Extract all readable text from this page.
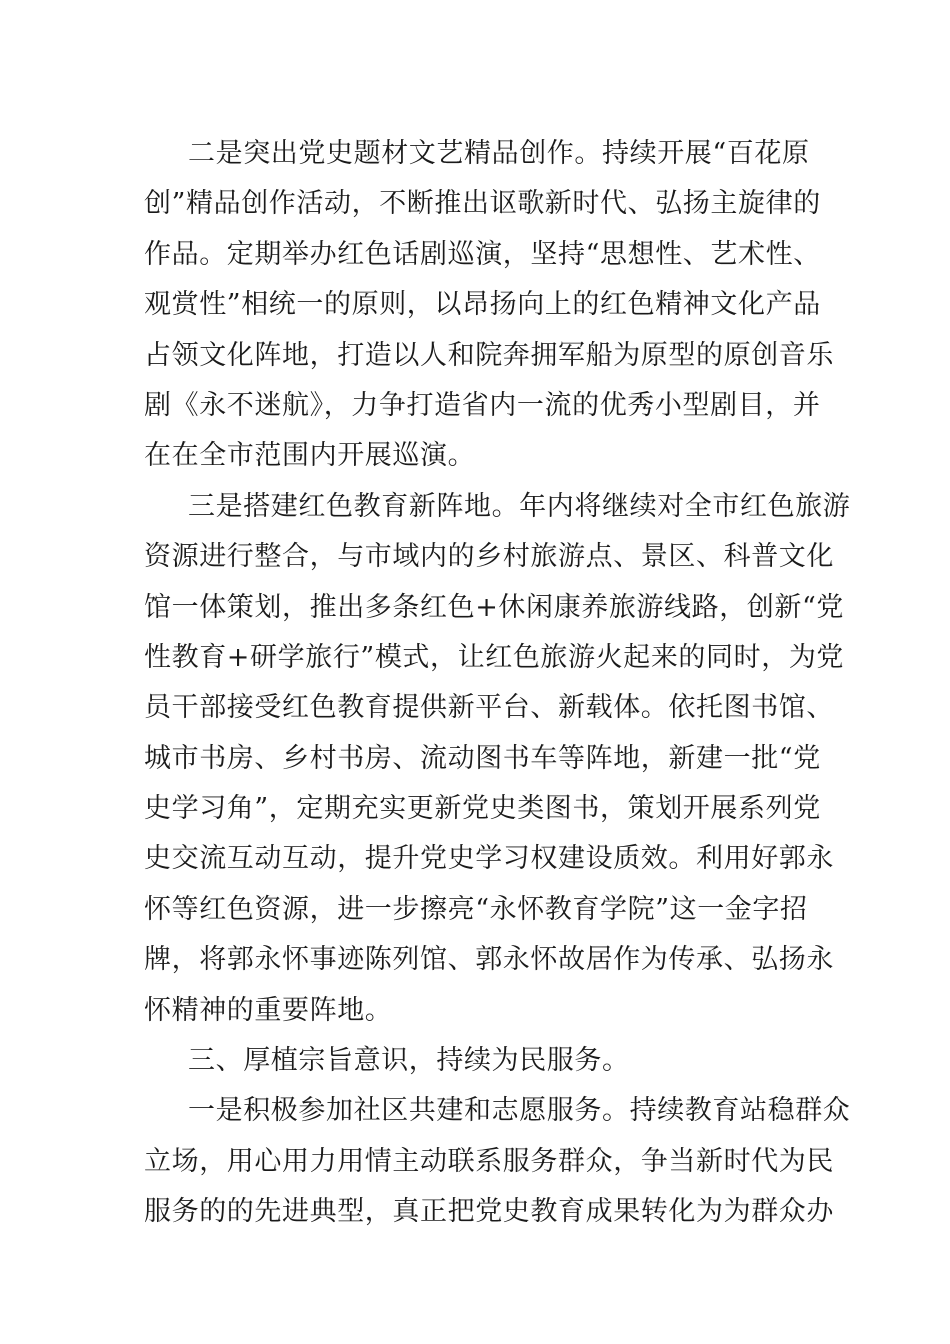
二是突出党史题材文艺精品创作。持续开展“百花原
创”精品创作活动，不断推出讴歌新时代、弘扬主旋律的
作品。定期举办红色话剧巡演，坚持“思想性、艺术性、
观赏性”相统一的原则，以昂扬向上的红色精神文化产品
占领文化阵地，打造以人和院奔拥军船为原型的原创音乐
剧《永不迷航》，力争打造省内一流的优秀小型剧目，并
在在全市范围内开展巡演。
三是搭建红色教育新阵地。年内将继续对全市红色旅游
资源进行整合，与市域内的乡村旅游点、景区、科普文化
馆一体策划，推出多条红色+休闲康养旅游线路，创新“党
性教育+研学旅行”模式，让红色旅游火起来的同时，为党
员干部接受红色教育提供新平台、新载体。依托图书馆、
城市书房、乡村书房、流动图书车等阵地，新建一批“党
史学习角”，定期充实更新党史类图书，策划开展系列党
史交流互动互动，提升党史学习权建设质效。利用好郭永
怀等红色资源，进一步擦亮“永怀教育学院”这一金字招
牌，将郭永怀事迹陈列馆、郭永怀故居作为传承、弘扬永
怀精神的重要阵地。
三、厚植宗旨意识，持续为民服务。
一是积极参加社区共建和志愿服务。持续教育站稳群众
立场，用心用力用情主动联系服务群众，争当新时代为民
服务的的先进典型，真正把党史教育成果转化为为群众办
